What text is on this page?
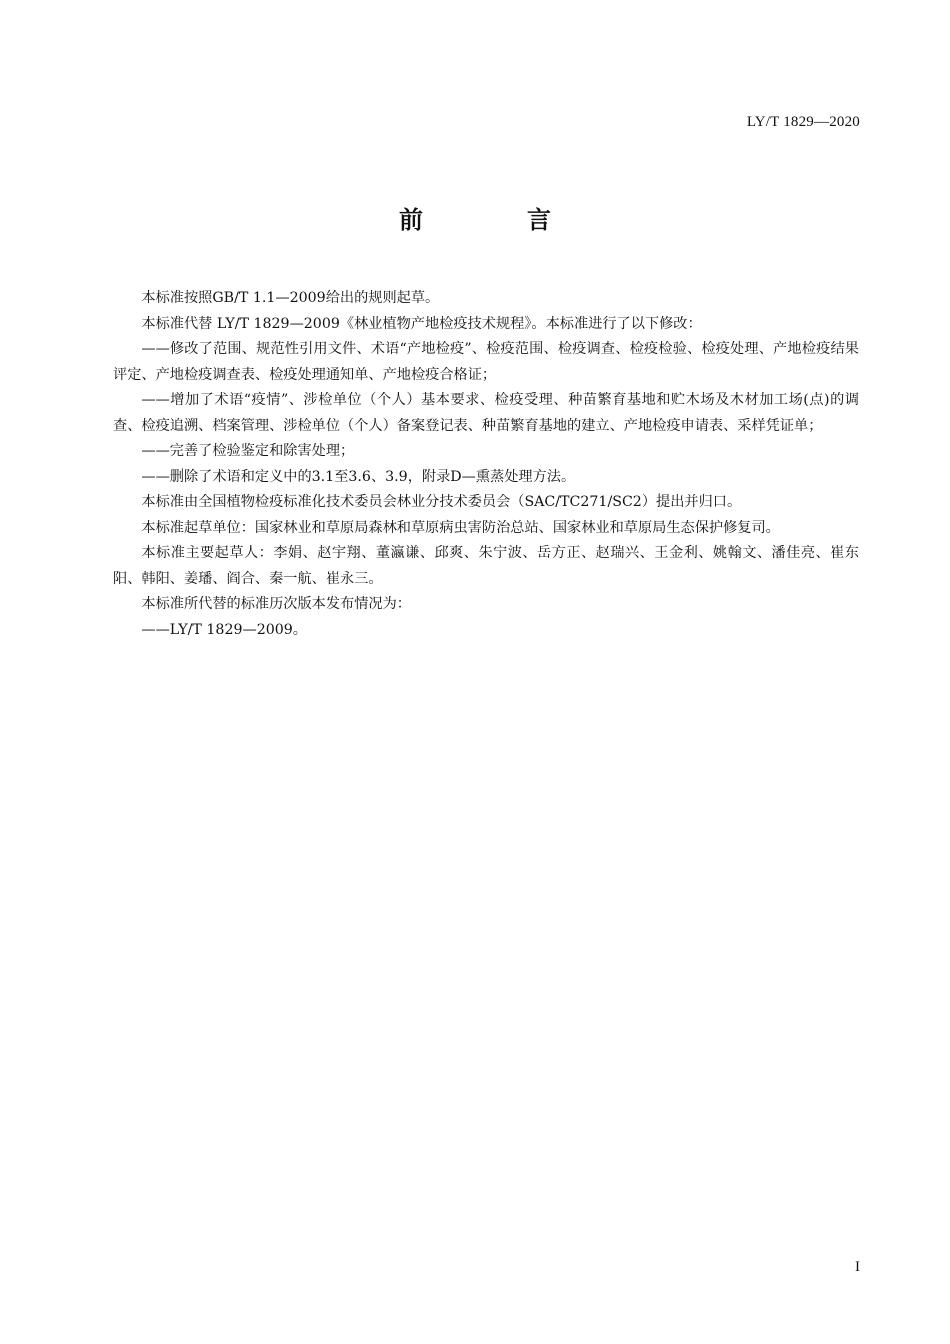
LY/T 1829—2020
前　言

本标准按照GB/T 1.1—2009给出的规则起草。

本标准代替 LY/T 1829—2009《林业植物产地检疫技术规程》。本标准进行了以下修改：

——修改了范围、规范性引用文件、术语“产地检疫”、检疫范围、检疫调查、检疫检验、检疫处理、产地检疫结果评定、产地检疫调查表、检疫处理通知单、产地检疫合格证；

——增加了术语“疫情”、涉检单位（个人）基本要求、检疫受理、种苗繁育基地和贮木场及木材加工场(点)的调查、检疫追溯、档案管理、涉检单位（个人）备案登记表、种苗繁育基地的建立、产地检疫申请表、采样凭证单；

——完善了检验鉴定和除害处理；

——删除了术语和定义中的3.1至3.6、3.9，附录D—熏蒸处理方法。

本标准由全国植物检疫标准化技术委员会林业分技术委员会（SAC/TC271/SC2）提出并归口。

本标准起草单位：国家林业和草原局森林和草原病虫害防治总站、国家林业和草原局生态保护修复司。

本标准主要起草人：李娟、赵宇翔、董瀛谦、邱爽、朱宁波、岳方正、赵瑞兴、王金利、姚翰文、潘佳亮、崔东阳、韩阳、姜璠、阎合、秦一航、崔永三。

本标准所代替的标准历次版本发布情况为：

——LY/T 1829—2009。

I
